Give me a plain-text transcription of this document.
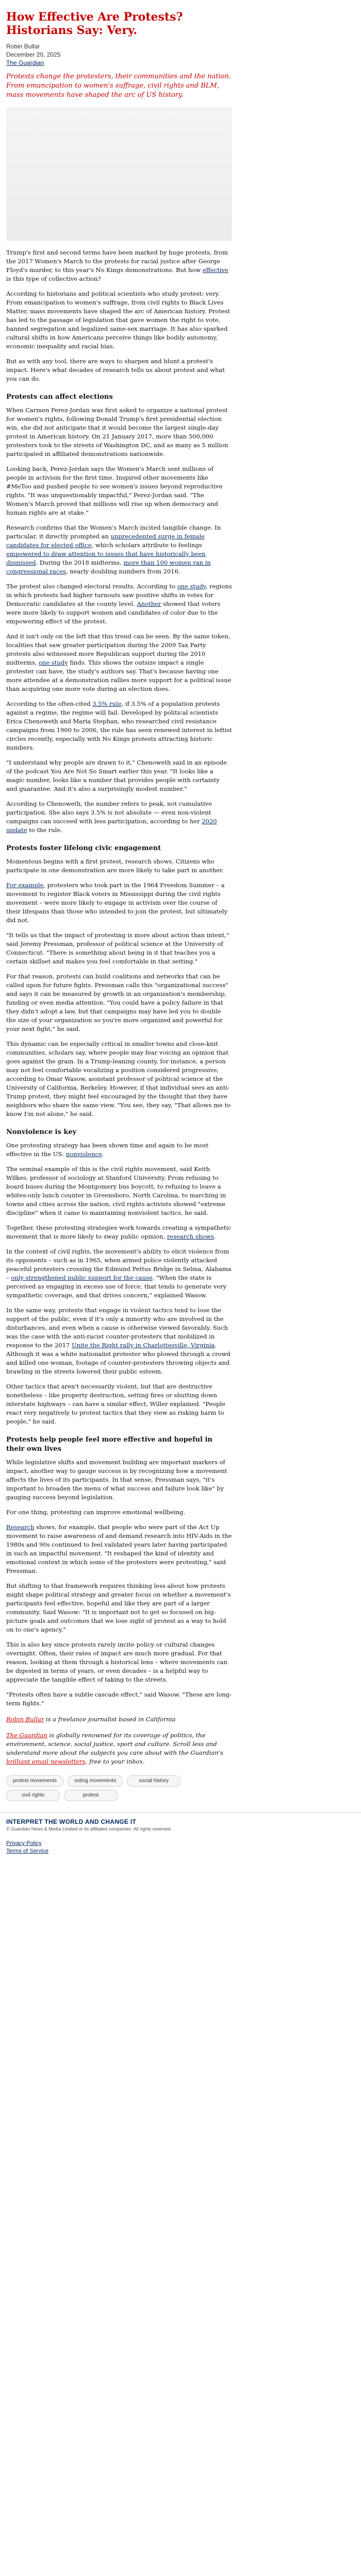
How Effective Are Protests? Historians Say: Very.
Robin Bullar
December 20, 2025
The Guardian

Protests change the protesters, their communities and the nation. From emancipation to women's suffrage, civil rights and BLM, mass movements have shaped the arc of US history.

Trump's first and second terms have been marked by huge protests, from the 2017 Women's March to the protests for racial justice after George Floyd's murder, to this year's No Kings demonstrations. But how effective is this type of collective action?

According to historians and political scientists who study protest: very. From emancipation to women's suffrage, from civil rights to Black Lives Matter, mass movements have shaped the arc of American history. Protest has led to the passage of legislation that gave women the right to vote, banned segregation and legalized same-sex marriage. It has also sparked cultural shifts in how Americans perceive things like bodily autonomy, economic inequality and racial bias.

But as with any tool, there are ways to sharpen and blunt a protest's impact. Here's what decades of research tells us about protest and what you can do.

Protests can affect elections

When Carmen Perez-Jordan was first asked to organize a national protest for women's rights, following Donald Trump's first presidential election win, she did not anticipate that it would become the largest single-day protest in American history. On 21 January 2017, more than 500,000 protesters took to the streets of Washington DC, and as many as 5 million participated in affiliated demonstrations nationwide.

Looking back, Perez-Jordan says the Women's March sent millions of people in activism for the first time. Inspired other movements like #MeToo and pushed people to see women's issues beyond reproductive rights. "It was unquestionably impactful," Perez-Jordan said. "The Women's March proved that millions will rise up when democracy and human rights are at stake."

Research confirms that the Women's March incited tangible change. In particular, it directly prompted an unprecedented surge in female candidates for elected office, which scholars attribute to feelings empowered to draw attention to issues that have historically been dismissed. During the 2018 midterms, more than 100 women ran in congressional races, nearly doubling numbers from 2016.

The protest also changed electoral results. According to one study, regions in which protests had higher turnouts saw positive shifts in votes for Democratic candidates at the county level. Another showed that voters were more likely to support women and candidates of color due to the empowering effect of the protest.

And it isn't only on the left that this trend can be seen. By the same token, localities that saw greater participation during the 2009 Tax Party protests also witnessed more Republican support during the 2010 midterms, one study finds. This shows the outsize impact a single protester can have, the study's authors say. That's because having one more attendee at a demonstration rallies more support for a political issue than acquiring one more vote during an election does.

According to the often-cited 3.5% rule, if 3.5% of a population protests against a regime, the regime will fail. Developed by political scientists Erica Chenoweth and Maria Stephan, who researched civil resistance campaigns from 1900 to 2006, the rule has seen renewed interest in leftist circles recently, especially with No Kings protests attracting historic numbers.

"I understand why people are drawn to it," Chenoweth said in an episode of the podcast You Are Not So Smart earlier this year. "It looks like a magic number, looks like a number that provides people with certainty and guarantee. And it's also a surprisingly modest number."

According to Chenoweth, the number refers to peak, not cumulative participation. She also says 3.5% is not absolute — even non-violent campaigns can succeed with less participation, according to her 2020 update to the rule.

Protests foster lifelong civic engagement

Momentous begins with a first protest, research shows. Citizens who participate in one demonstration are more likely to take part in another.

For example, protesters who took part in the 1964 Freedom Summer – a movement to register Black voters in Mississippi during the civil rights movement – were more likely to engage in activism over the course of their lifespans than those who intended to join the protest, but ultimately did not.

"It tells us that the impact of protesting is more about action than intent," said Jeremy Pressman, professor of political science at the University of Connecticut. "There is something about being in it that teaches you a certain skillset and makes you feel comfortable in that setting."

For that reason, protests can build coalitions and networks that can be called upon for future fights. Pressman calls this "organizational success" and says it can be measured by growth in an organization's membership, funding or even media attention. "You could have a policy failure in that they didn't adopt a law, but that campaigns may have led you to double the size of your organization so you're more organized and powerful for your next fight," he said.

This dynamic can be especially critical in smaller towns and close-knit communities, scholars say, where people may fear voicing an opinion that goes against the grain. In a Trump-leaning county, for instance, a person may not feel comfortable vocalizing a position considered progressive, according to Omar Wasow, assistant professor of political science at the University of California, Berkeley. However, if that individual sees an anti-Trump protest, they might feel encouraged by the thought that they have neighbors who share the same view. "You see, they say, "That allows me to know I'm not alone," he said.

Nonviolence is key

One protesting strategy has been shown time and again to be most effective in the US: nonviolence.

The seminal example of this is the civil rights movement, said Keith Wilkes, professor of sociology at Stanford University. From refusing to board buses during the Montgomery bus boycott, to refusing to leave a whites-only lunch counter in Greensboro, North Carolina, to marching in towns and cities across the nation, civil rights activists showed "extreme discipline" when it came to maintaining nonviolent tactics, he said.

Together, these protesting strategies work towards creating a sympathetic movement that is more likely to sway public opinion, research shows.

In the context of civil rights, the movement's ability to elicit violence from its opponents – such as in 1965, when armed police violently attacked peaceful protesters crossing the Edmund Pettus Bridge in Selma, Alabama – only strengthened public support for the cause. "When the state is perceived as engaging in excess use of force, that tends to generate very sympathetic coverage, and that drives concern," explained Wasow.

In the same way, protests that engage in violent tactics tend to lose the support of the public, even if it's only a minority who are involved in the disturbances, and even when a cause is otherwise viewed favorably. Such was the case with the anti-racist counter-protesters that mobilized in response to the 2017 Unite the Right rally in Charlottesville, Virginia. Although it was a white nationalist protester who plowed through a crowd and killed one woman, footage of counter-protesters throwing objects and brawling in the streets lowered their public esteem.

Other tactics that aren't necessarily violent, but that are destructive nonetheless – like property destruction, setting fires or shutting down interstate highways – can have a similar effect, Willer explained. "People react very negatively to protest tactics that they view as risking harm to people," he said.

Protests help people feel more effective and hopeful in their own lives

While legislative shifts and movement building are important markers of impact, another way to gauge success is by recognizing how a movement affects the lives of its participants. In that sense, Pressman says, "it's important to broaden the menu of what success and failure look like" by gauging success beyond legislation.

For one thing, protesting can improve emotional wellbeing.

Research shows, for example, that people who were part of the Act Up movement to raise awareness of and demand research into HIV-Aids in the 1980s and 90s continued to feel validated years later having participated in such an impactful movement. "It reshaped the kind of identity and emotional context in which some of the protesters were protesting," said Pressman.

But shifting to that framework requires thinking less about how protests might shape political strategy and greater focus on whether a movement's participants feel effective, hopeful and like they are part of a larger community. Said Wasow: "It is important not to get so focused on big-picture goals and outcomes that we lose sight of protest as a way to hold on to one's agency."

This is also key since protests rarely incite policy or cultural changes overnight. Often, their rates of impact are much more gradual. For that reason, looking at them through a historical lens – where movements can be digested in terms of years, or even decades – is a helpful way to appreciate the tangible effect of taking to the streets.

"Protests often have a subtle cascade effect," said Wasow. "These are long-term fights."

Robin Bullar is a freelance journalist based in California

The Guardian is globally renowned for its coverage of politics, the environment, science, social justice, sport and culture. Scroll less and understand more about the subjects you care about with the Guardian's brilliant email newsletters, free to your inbox.

protest movements	voting movements	social history
civil rights	protest
INTERPRET THE WORLD AND CHANGE IT
© Guardian News & Media Limited or its affiliated companies. All rights reserved.
Privacy Policy
Terms of Service
